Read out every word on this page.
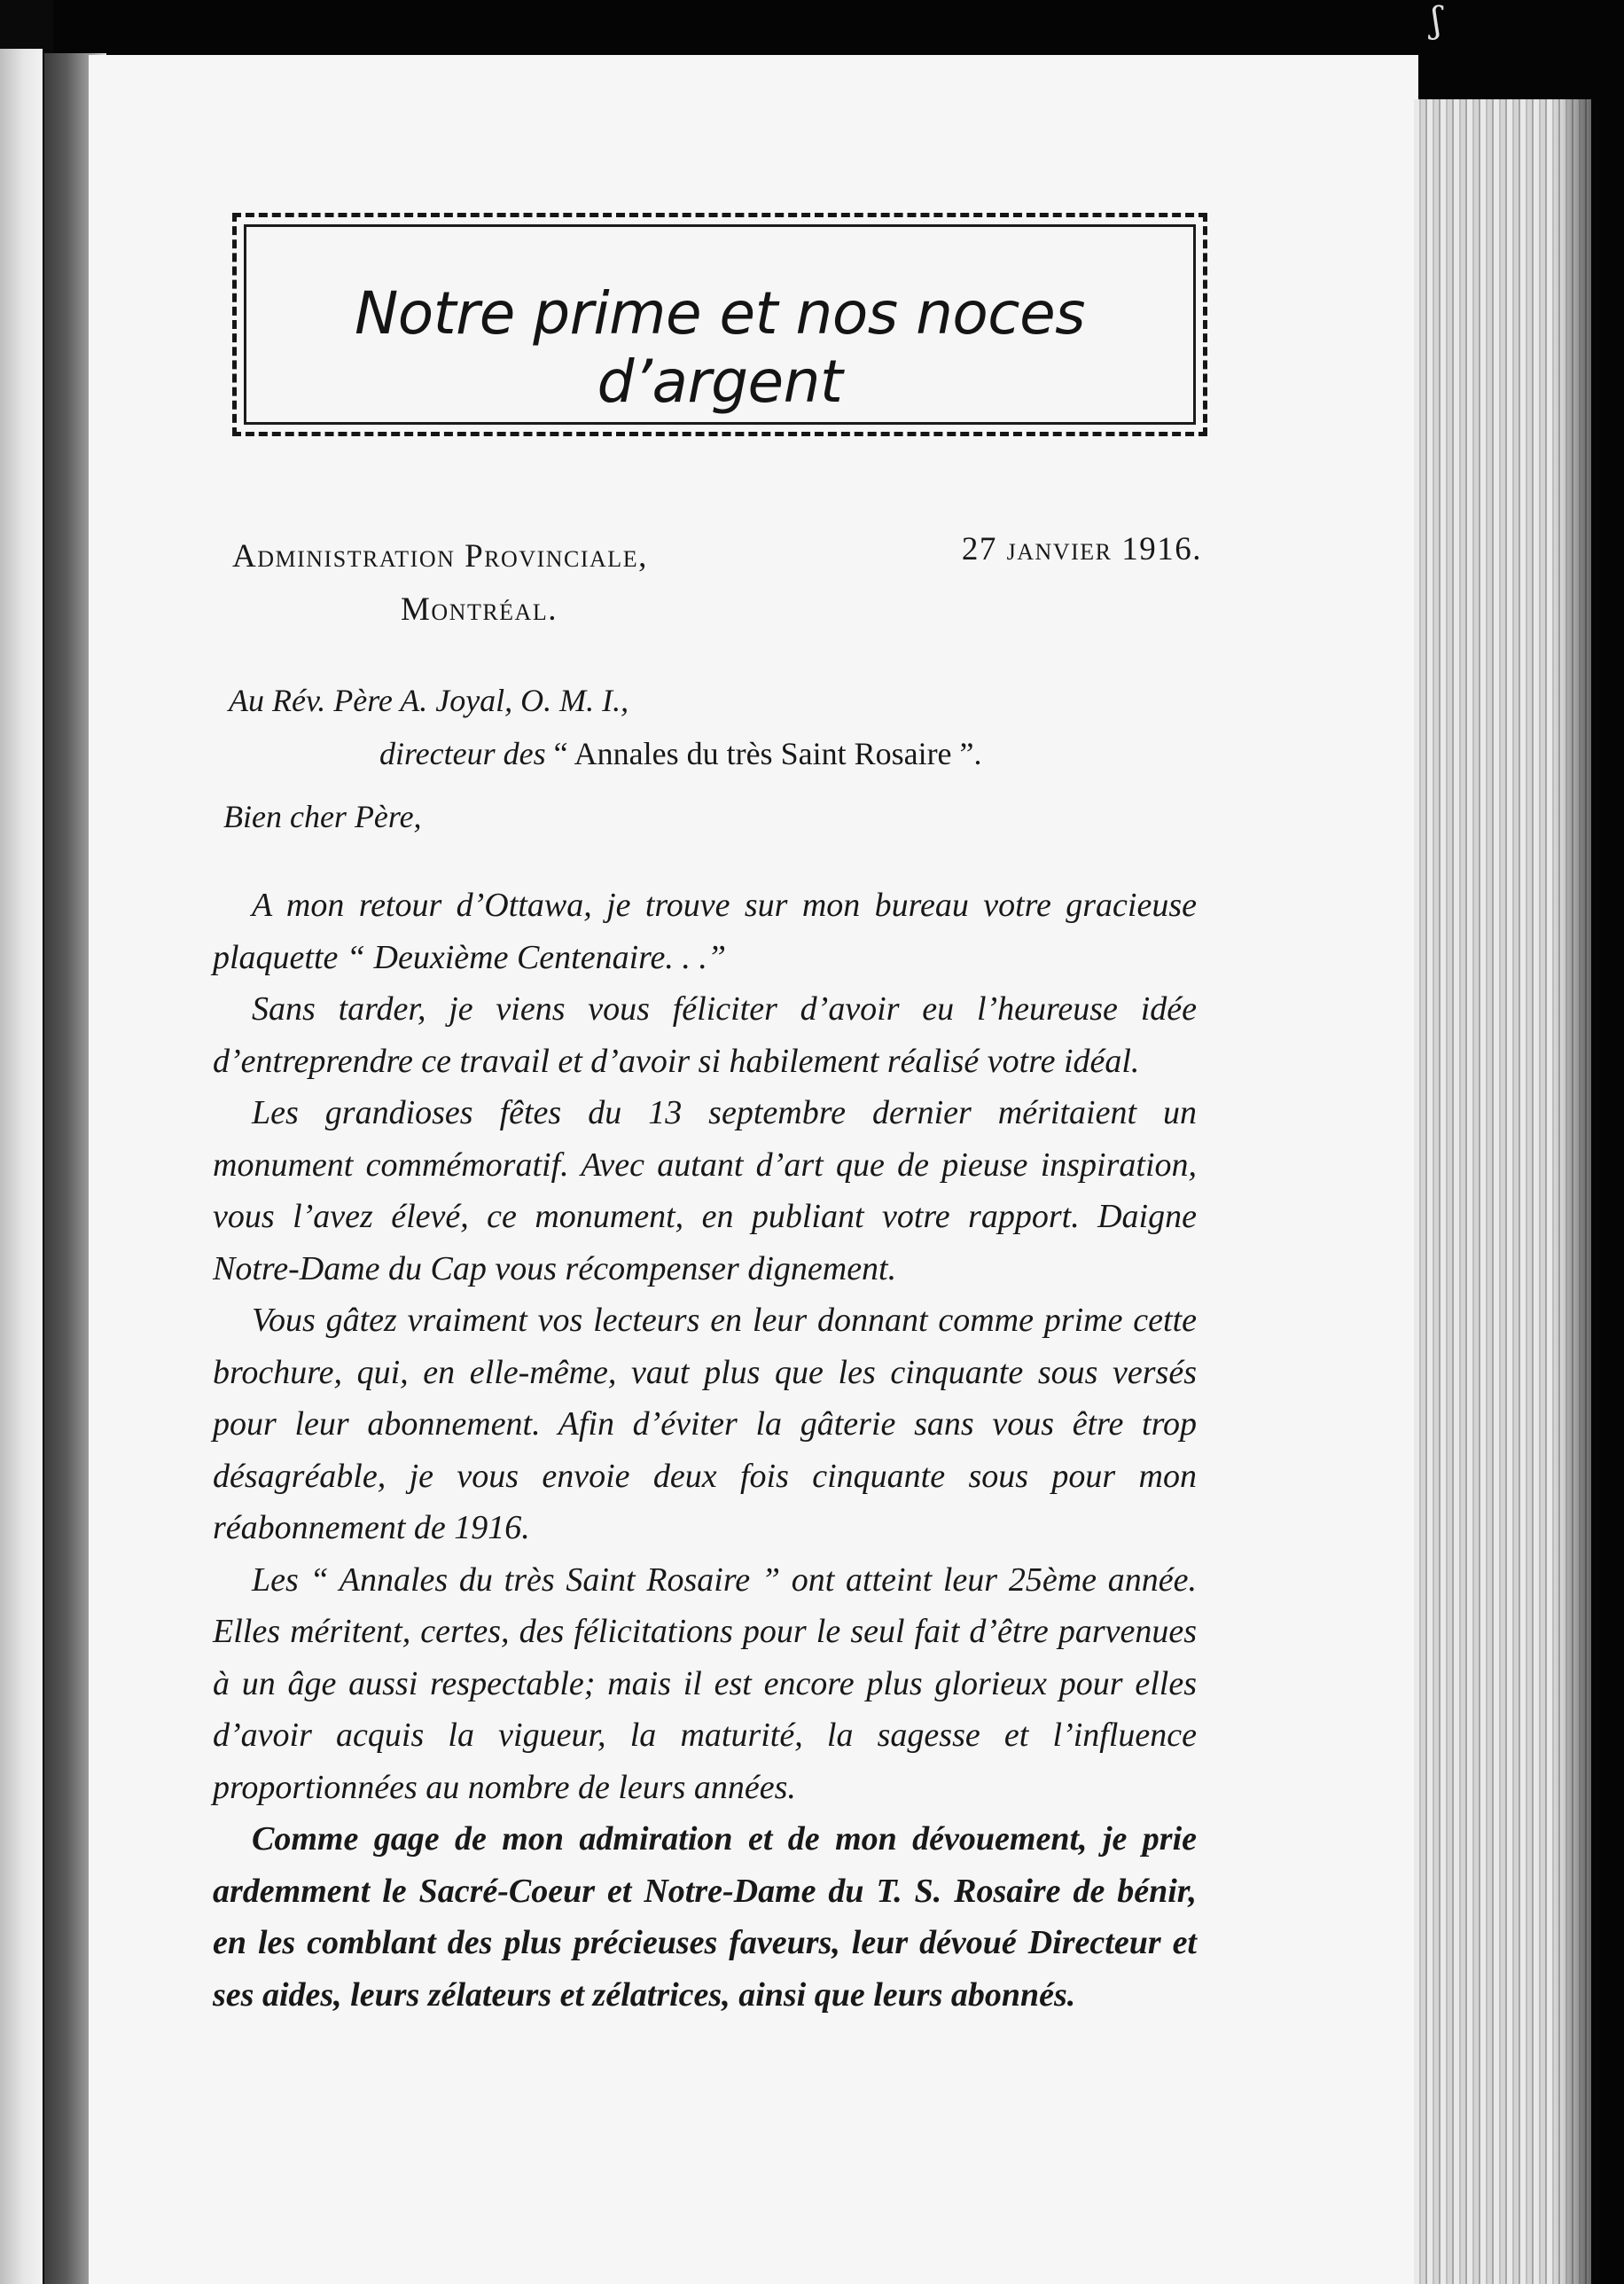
ʃ
Notre prime et nos noces d’argent
Administration Provinciale,
Montréal.
27 janvier 1916.
Au Rév. Père A. Joyal, O. M. I.,
directeur des “ Annales du très Saint Rosaire ”.
Bien cher Père,

A mon retour d’Ottawa, je trouve sur mon bureau votre gracieuse plaquette “ Deuxième Centenaire. . .”

Sans tarder, je viens vous féliciter d’avoir eu l’heureuse idée d’entreprendre ce travail et d’avoir si habilement réalisé votre idéal.

Les grandioses fêtes du 13 septembre dernier méritaient un monument commémoratif. Avec autant d’art que de pieuse inspiration, vous l’avez élevé, ce monument, en publiant votre rapport. Daigne Notre-Dame du Cap vous récompenser dignement.

Vous gâtez vraiment vos lecteurs en leur donnant comme prime cette brochure, qui, en elle-même, vaut plus que les cinquante sous versés pour leur abonnement. Afin d’éviter la gâterie sans vous être trop désagréable, je vous envoie deux fois cinquante sous pour mon réabonnement de 1916.

Les “ Annales du très Saint Rosaire ” ont atteint leur 25ème année. Elles méritent, certes, des félicitations pour le seul fait d’être parvenues à un âge aussi respectable; mais il est encore plus glorieux pour elles d’avoir acquis la vigueur, la maturité, la sagesse et l’influence proportionnées au nombre de leurs années.

Comme gage de mon admiration et de mon dévouement, je prie ardemment le Sacré-Coeur et Notre-Dame du T. S. Rosaire de bénir, en les comblant des plus précieuses faveurs, leur dévoué Directeur et ses aides, leurs zélateurs et zélatrices, ainsi que leurs abonnés.
